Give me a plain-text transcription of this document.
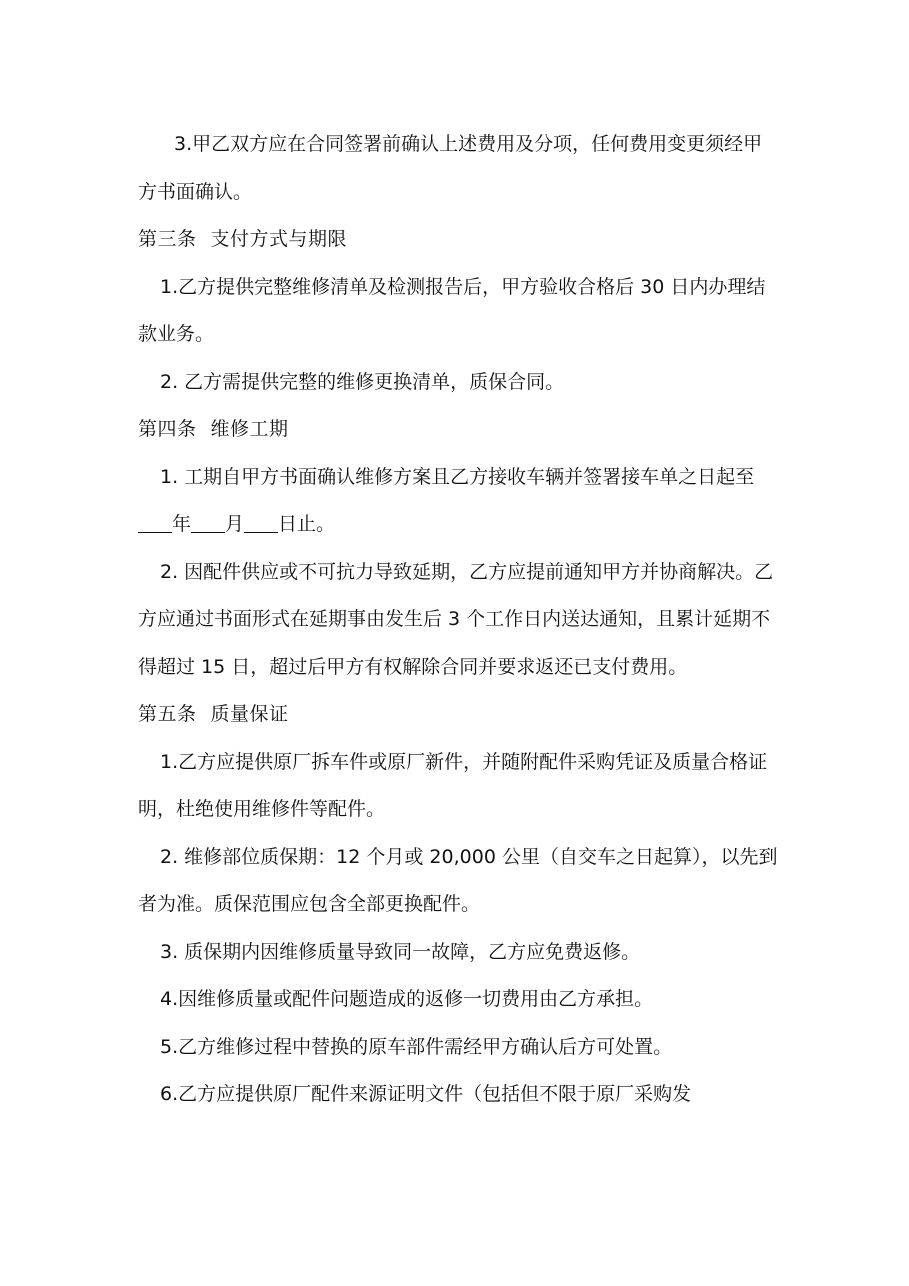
3.甲乙双方应在合同签署前确认上述费用及分项，任何费用变更须经甲方书面确认。

第三条 支付方式与期限

1.乙方提供完整维修清单及检测报告后，甲方验收合格后 30 日内办理结款业务。

2. 乙方需提供完整的维修更换清单，质保合同。

第四条 维修工期

1. 工期自甲方书面确认维修方案且乙方接收车辆并签署接车单之日起至年 月 日止。

2. 因配件供应或不可抗力导致延期，乙方应提前通知甲方并协商解决。乙方应通过书面形式在延期事由发生后 3 个工作日内送达通知，且累计延期不得超过 15 日，超过后甲方有权解除合同并要求返还已支付费用。

第五条 质量保证

1.乙方应提供原厂拆车件或原厂新件，并随附配件采购凭证及质量合格证明，杜绝使用维修件等配件。

2. 维修部位质保期：12 个月或 20,000 公里（自交车之日起算），以先到者为准。质保范围应包含全部更换配件。

3. 质保期内因维修质量导致同一故障，乙方应免费返修。

4.因维修质量或配件问题造成的返修一切费用由乙方承担。

5.乙方维修过程中替换的原车部件需经甲方确认后方可处置。

6.乙方应提供原厂配件来源证明文件（包括但不限于原厂采购发
